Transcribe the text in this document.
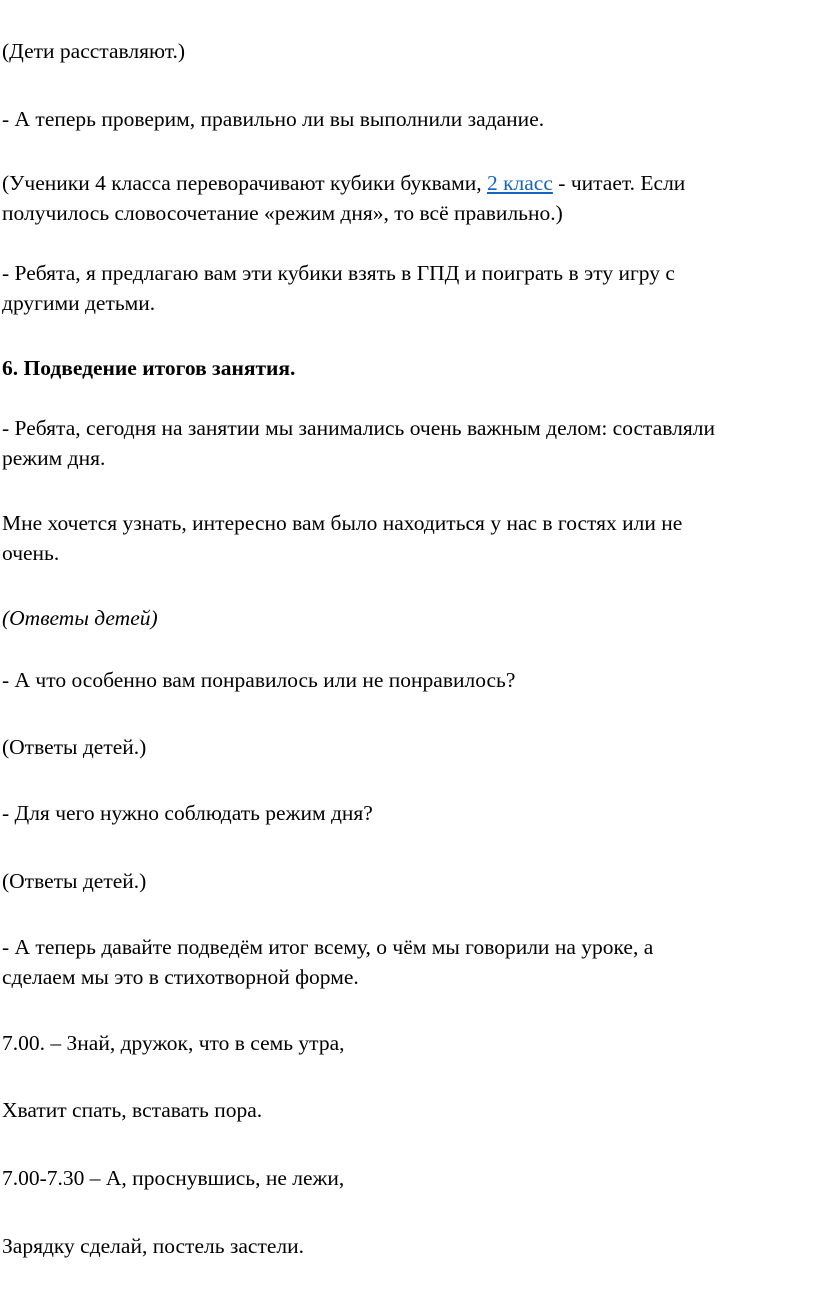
(Дети расставляют.)

- А теперь проверим, правильно ли вы выполнили задание.

(Ученики 4 класса переворачивают кубики буквами, 2 класс - читает. Если
получилось словосочетание «режим дня», то всё правильно.)

- Ребята, я предлагаю вам эти кубики взять в ГПД и поиграть в эту игру с
другими детьми.

6. Подведение итогов занятия.

- Ребята, сегодня на занятии мы занимались очень важным делом: составляли
режим дня.

Мне хочется узнать, интересно вам было находиться у нас в гостях или не
очень.

(Ответы детей)

- А что особенно вам понравилось или не понравилось?

(Ответы детей.)

- Для чего нужно соблюдать режим дня?

(Ответы детей.)

- А теперь давайте подведём итог всему, о чём мы говорили на уроке, а
сделаем мы это в стихотворной форме.

7.00. – Знай, дружок, что в семь утра,

Хватит спать, вставать пора.

7.00-7.30 – А, проснувшись, не лежи,

Зарядку сделай, постель застели.
